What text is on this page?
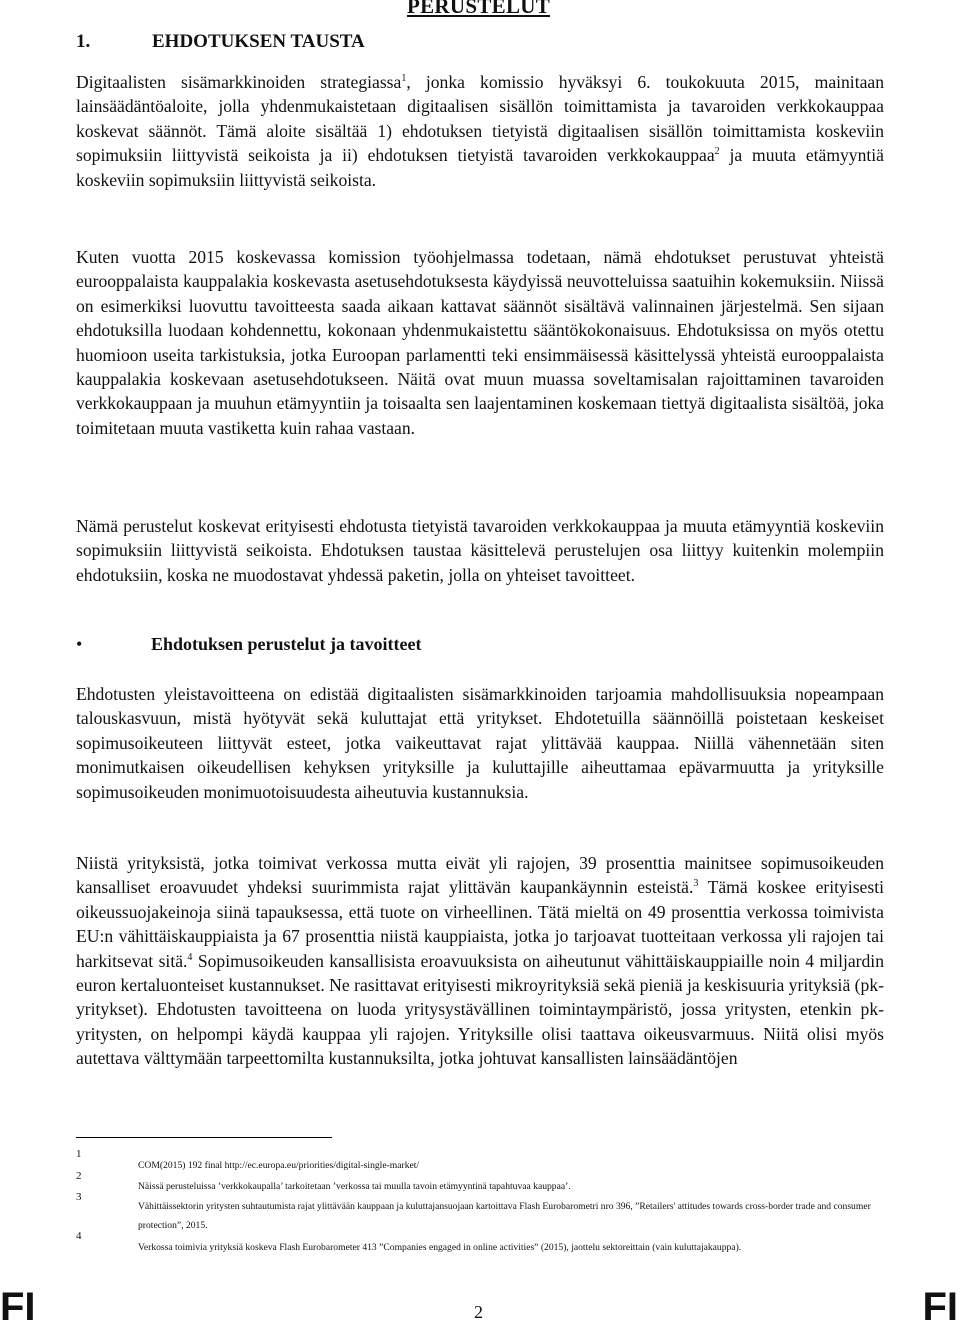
PERUSTELUT
1.	EHDOTUKSEN TAUSTA

Digitaalisten sisämarkkinoiden strategiassa$^1$, jonka komissio hyväksyi 6. toukokuuta 2015, mainitaan lainsäädäntöaloite, jolla yhdenmukaistetaan digitaalisen sisällön toimittamista ja tavaroiden verkkokauppaa koskevat säännöt. Tämä aloite sisältää 1) ehdotuksen tietyistä digitaalisen sisällön toimittamista koskeviin sopimuksiin liittyvistä seikoista ja ii) ehdotuksen tietyistä tavaroiden verkkokauppaa$^2$ ja muuta etämyyntiä koskeviin sopimuksiin liittyvistä seikoista.

Kuten vuotta 2015 koskevassa komission työohjelmassa todetaan, nämä ehdotukset perustuvat yhteistä eurooppalaista kauppalakia koskevasta asetusehdotuksesta käydyissä neuvotteluissa saatuihin kokemuksiin. Niissä on esimerkiksi luovuttu tavoitteesta saada aikaan kattavat säännöt sisältävä valinnainen järjestelmä. Sen sijaan ehdotuksilla luodaan kohdennettu, kokonaan yhdenmukaistettu sääntökokonaisuus. Ehdotuksissa on myös otettu huomioon useita tarkistuksia, jotka Euroopan parlamentti teki ensimmäisessä käsittelyssä yhteistä eurooppalaista kauppalakia koskevaan asetusehdotukseen. Näitä ovat muun muassa soveltamisalan rajoittaminen tavaroiden verkkokauppaan ja muuhun etämyyntiin ja toisaalta sen laajentaminen koskemaan tiettyä digitaalista sisältöä, joka toimitetaan muuta vastiketta kuin rahaa vastaan.

Nämä perustelut koskevat erityisesti ehdotusta tietyistä tavaroiden verkkokauppaa ja muuta etämyyntiä koskeviin sopimuksiin liittyvistä seikoista. Ehdotuksen taustaa käsittelevä perustelujen osa liittyy kuitenkin molempiin ehdotuksiin, koska ne muodostavat yhdessä paketin, jolla on yhteiset tavoitteet.

•	Ehdotuksen perustelut ja tavoitteet

Ehdotusten yleistavoitteena on edistää digitaalisten sisämarkkinoiden tarjoamia mahdollisuuksia nopeampaan talouskasvuun, mistä hyötyvät sekä kuluttajat että yritykset. Ehdotetuilla säännöillä poistetaan keskeiset sopimusoikeuteen liittyvät esteet, jotka vaikeuttavat rajat ylittävää kauppaa. Niillä vähennetään siten monimutkaisen oikeudellisen kehyksen yrityksille ja kuluttajille aiheuttamaa epävarmuutta ja yrityksille sopimusoikeuden monimuotoisuudesta aiheutuvia kustannuksia.

Niistä yrityksistä, jotka toimivat verkossa mutta eivät yli rajojen, 39 prosenttia mainitsee sopimusoikeuden kansalliset eroavuudet yhdeksi suurimmista rajat ylittävän kaupankäynnin esteistä.$^3$ Tämä koskee erityisesti oikeussuojakeinoja siinä tapauksessa, että tuote on virheellinen. Tätä mieltä on 49 prosenttia verkossa toimivista EU:n vähittäiskauppiaista ja 67 prosenttia niistä kauppiaista, jotka jo tarjoavat tuotteitaan verkossa yli rajojen tai harkitsevat sitä.$^4$ Sopimusoikeuden kansallisista eroavuuksista on aiheutunut vähittäiskauppiaille noin 4 miljardin euron kertaluonteiset kustannukset. Ne rasittavat erityisesti mikroyrityksiä sekä pieniä ja keskisuuria yrityksiä (pk-yritykset). Ehdotusten tavoitteena on luoda yritysystävällinen toimintaympäristö, jossa yritysten, etenkin pk-yritysten, on helpompi käydä kauppaa yli rajojen. Yrityksille olisi taattava oikeusvarmuus. Niitä olisi myös autettava välttymään tarpeettomilta kustannuksilta, jotka johtuvat kansallisten lainsäädäntöjen

1
2
3
4
COM(2015) 192 final http://ec.europa.eu/priorities/digital-single-market/
Näissä perusteluissa ’verkkokaupalla’ tarkoitetaan ’verkossa tai muulla tavoin etämyyntinä tapahtuvaa kauppaa’.
Vähittäissektorin yritysten suhtautumista rajat ylittävään kauppaan ja kuluttajansuojaan kartoittava Flash Eurobarometri nro 396, ”Retailers' attitudes towards cross-border trade and consumer protection”, 2015.
Verkossa toimivia yrityksiä koskeva Flash Eurobarometer 413 ”Companies engaged in online activities” (2015), jaottelu sektoreittain (vain kuluttajakauppa).
FI	2	FI
